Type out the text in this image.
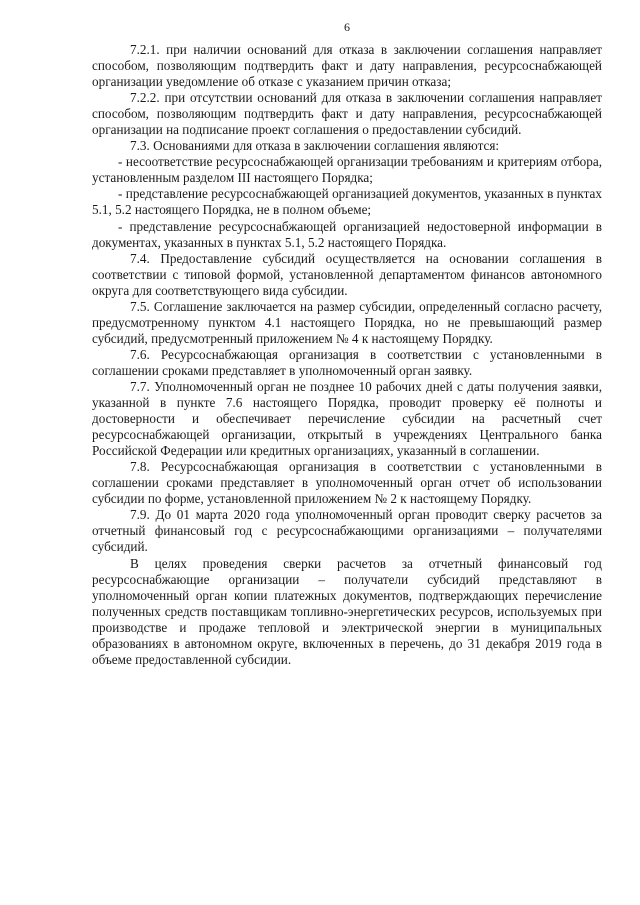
6

7.2.1. при наличии оснований для отказа в заключении соглашения направляет способом, позволяющим подтвердить факт и дату направления, ресурсоснабжающей организации уведомление об отказе с указанием причин отказа;

7.2.2. при отсутствии оснований для отказа в заключении соглашения направляет способом, позволяющим подтвердить факт и дату направления, ресурсоснабжающей организации на подписание проект соглашения о предоставлении субсидий.

7.3. Основаниями для отказа в заключении соглашения являются:

- несоответствие ресурсоснабжающей организации требованиям и критериям отбора, установленным разделом III настоящего Порядка;

- представление ресурсоснабжающей организацией документов, указанных в пунктах 5.1, 5.2 настоящего Порядка, не в полном объеме;

- представление ресурсоснабжающей организацией недостоверной информации в документах, указанных в пунктах 5.1, 5.2 настоящего Порядка.

7.4. Предоставление субсидий осуществляется на основании соглашения в соответствии с типовой формой, установленной департаментом финансов автономного округа для соответствующего вида субсидии.

7.5. Соглашение заключается на размер субсидии, определенный согласно расчету, предусмотренному пунктом 4.1 настоящего Порядка, но не превышающий размер субсидий, предусмотренный приложением № 4 к настоящему Порядку.

7.6. Ресурсоснабжающая организация в соответствии с установленными в соглашении сроками представляет в уполномоченный орган заявку.

7.7. Уполномоченный орган не позднее 10 рабочих дней с даты получения заявки, указанной в пункте 7.6 настоящего Порядка, проводит проверку её полноты и достоверности и обеспечивает перечисление субсидии на расчетный счет ресурсоснабжающей организации, открытый в учреждениях Центрального банка Российской Федерации или кредитных организациях, указанный в соглашении.

7.8. Ресурсоснабжающая организация в соответствии с установленными в соглашении сроками представляет в уполномоченный орган отчет об использовании субсидии по форме, установленной приложением № 2 к настоящему Порядку.

7.9. До 01 марта 2020 года уполномоченный орган проводит сверку расчетов за отчетный финансовый год с ресурсоснабжающими организациями – получателями субсидий.

В целях проведения сверки расчетов за отчетный финансовый год ресурсоснабжающие организации – получатели субсидий представляют в уполномоченный орган копии платежных документов, подтверждающих перечисление полученных средств поставщикам топливно-энергетических ресурсов, используемых при производстве и продаже тепловой и электрической энергии в муниципальных образованиях в автономном округе, включенных в перечень, до 31 декабря 2019 года в объеме предоставленной субсидии.
